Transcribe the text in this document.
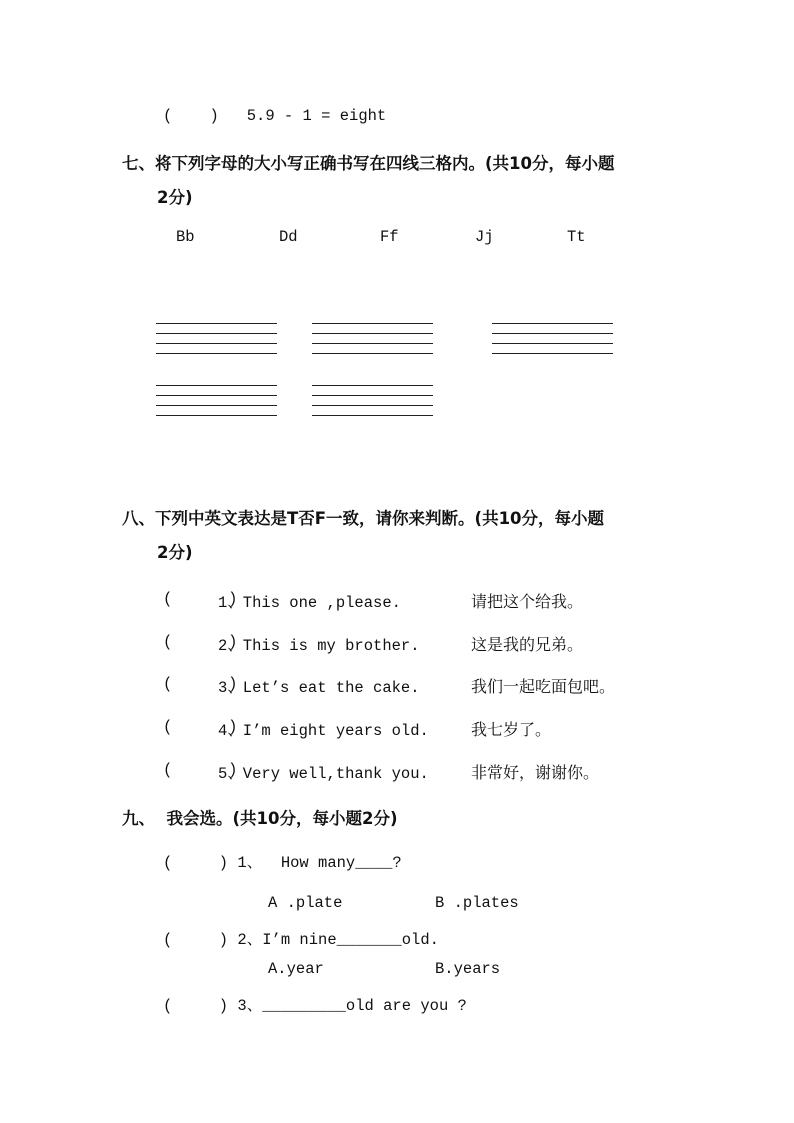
(    )   5.9 - 1 = eight
七、将下列字母的大小写正确书写在四线三格内。(共10分，每小题
2分)
Bb	Dd	Ff	Jj	Tt
八、下列中英文表达是T否F一致，请你来判断。(共10分，每小题
2分)
(      )
1、This one ,please.	请把这个给我。
(      )
2、This is my brother.	这是我的兄弟。
(      )
3、Let’s eat the cake.	我们一起吃面包吧。
(      )
4、I’m eight years old.	我七岁了。
(      )
5、Very well,thank you.	非常好，谢谢你。
九、  我会选。(共10分，每小题2分)
(     ) 1、  How many____?
A .plate	B .plates
(     ) 2、I’m nine_______old.
A.year	B.years
(     ) 3、_________old are you ?
